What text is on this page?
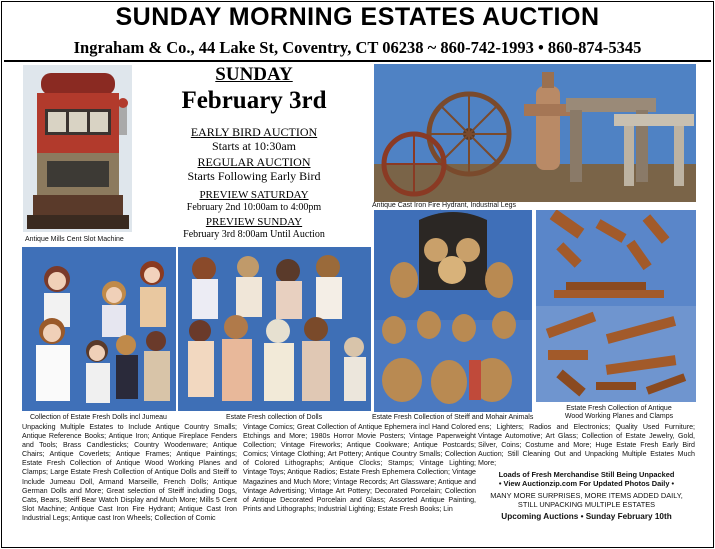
SUNDAY MORNING ESTATES AUCTION
Ingraham & Co., 44 Lake St, Coventry, CT 06238 ~ 860-742-1993 • 860-874-5345
Antique Mills Cent Slot Machine
SUNDAY
February 3rd
EARLY BIRD AUCTION
Starts at 10:30am
REGULAR AUCTION
Starts Following Early Bird
PREVIEW SATURDAY
February 2nd 10:00am to 4:00pm
PREVIEW SUNDAY
February 3rd 8:00am Until Auction
Antique Cast Iron Fire Hydrant, Industrial Legs
Estate Fresh Collection of Steiff and Mohair Animals
Estate Fresh Collection of Antique Wood Working Planes and Clamps
Collection of Estate Fresh Dolls incl Jumeau	Estate Fresh collection of Dolls
Unpacking Multiple Estates to Include Antique Country Smalls; Antique Reference Books; Antique Iron; Antique Fireplace Fenders and Tools; Brass Candlesticks; Country Woodenware; Antique Chairs; Antique Coverlets; Antique Frames; Antique Paintings; Estate Fresh Collection of Antique Wood Working Planes and Clamps; Large Estate Fresh Collection of Antique Dolls and Steiff to Include Jumeau Doll, Armand Marseille, French Dolls; Antique German Dolls and More; Great selection of Steiff including Dogs, Cats, Bears, Steiff Bear Watch Display and Much More; Mills 5 Cent Slot Machine; Antique Cast Iron Fire Hydrant; Antique Cast Iron Industrial Legs; Antique cast Iron Wheels; Collection of Comic
Vintage Comics; Great Collection of Antique Ephemera incl Hand Colored Etchings and More; 1980s Horror Movie Posters; Vintage Paperweight Collection; Vintage Fireworks; Antique Cookware; Antique Postcards; Comics; Vintage Clothing; Art Pottery; Antique Country Smalls; Collection of Colored Lithographs; Antique Clocks; Stamps; Vintage Lighting; Vintage Toys; Antique Radios; Estate Fresh Ephemera Collection; Vintage Magazines and Much More; Vintage Records; Art Glassware; Antique and Vintage Advertising; Vintage Art Pottery; Decorated Porcelain; Collection of Antique Decorated Porcelain and Glass; Assorted Antique Painting, Prints and Lithographs; Industrial Lighting; Estate Fresh Books; Lin
ens; Lighters; Radios and Electronics; Quality Used Furniture; Vintage Automotive; Art Glass; Collection of Estate Jewelry, Gold, Silver, Coins; Costume and More; Huge Estate Fresh Early Bird Auction; Still Cleaning Out and Unpacking Multiple Estates Much More;
Loads of Fresh Merchandise Still Being Unpacked
• View Auctionzip.com For Updated Photos Daily •
MANY MORE SURPRISES, MORE ITEMS ADDED DAILY,
STILL UNPACKING MULTIPLE ESTATES
Upcoming Auctions • Sunday February 10th
